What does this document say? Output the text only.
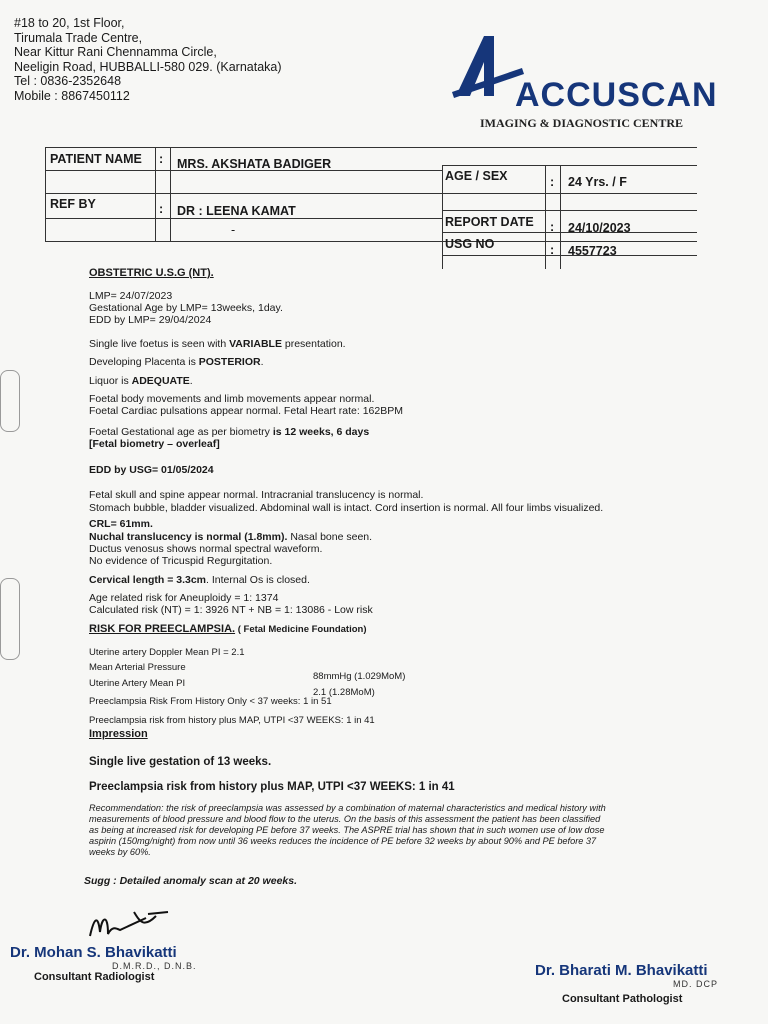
#18 to 20, 1st Floor,
Tirumala Trade Centre,
Near Kittur Rani Chennamma Circle,
Neeligin Road, HUBBALLI-580 029. (Karnataka)
Tel : 0836-2352648
Mobile : 8867450112	ACCUSCAN
IMAGING & DIAGNOSTIC CENTRE
PATIENT NAME : MRS. AKSHATA BADIGER
AGE / SEX	: 24 Yrs. / F
REF BY	: DR : LEENA KAMAT
REPORT DATE : 24/10/2023
-
USG NO	: 4557723
OBSTETRIC U.S.G (NT).
LMP= 24/07/2023
Gestational Age by LMP= 13weeks, 1day.
EDD by LMP= 29/04/2024
Single live foetus is seen with VARIABLE presentation.
Developing Placenta is POSTERIOR.
Liquor is ADEQUATE.
Foetal body movements and limb movements appear normal.
Foetal Cardiac pulsations appear normal. Fetal Heart rate: 162BPM
Foetal Gestational age as per biometry is 12 weeks, 6 days
[Fetal biometry – overleaf]
EDD by USG= 01/05/2024
Fetal skull and spine appear normal. Intracranial translucency is normal.
Stomach bubble, bladder visualized. Abdominal wall is intact. Cord insertion is normal. All four limbs visualized.
CRL= 61mm.
Nuchal translucency is normal (1.8mm). Nasal bone seen.
Ductus venosus shows normal spectral waveform.
No evidence of Tricuspid Regurgitation.
Cervical length = 3.3cm. Internal Os is closed.
Age related risk for Aneuploidy = 1: 1374
Calculated risk (NT) = 1: 3926 NT + NB = 1: 13086 - Low risk
RISK FOR PREECLAMPSIA. ( Fetal Medicine Foundation)
Uterine artery Doppler Mean PI = 2.1
Mean Arterial Pressure
88mmHg (1.029MoM)
Uterine Artery Mean PI
2.1 (1.28MoM)
Preeclampsia Risk From History Only < 37 weeks: 1 in 51
Preeclampsia risk from history plus MAP, UTPI <37 WEEKS: 1 in 41
Impression
Single live gestation of 13 weeks.
Preeclampsia risk from history plus MAP, UTPI <37 WEEKS: 1 in 41
Recommendation: the risk of preeclampsia was assessed by a combination of maternal characteristics and medical history with
measurements of blood pressure and blood flow to the uterus. On the basis of this assessment the patient has been classified
as being at increased risk for developing PE before 37 weeks. The ASPRE trial has shown that in such women use of low dose
aspirin (150mg/night) from now until 36 weeks reduces the incidence of PE before 32 weeks by about 90% and PE before 37
weeks by 60%.
Sugg : Detailed anomaly scan at 20 weeks.
Dr. Mohan S. Bhavikatti
D.M.R.D., D.N.B.
Consultant Radiologist	Dr. Bharati M. Bhavikatti
MD. DCP
Consultant Pathologist
